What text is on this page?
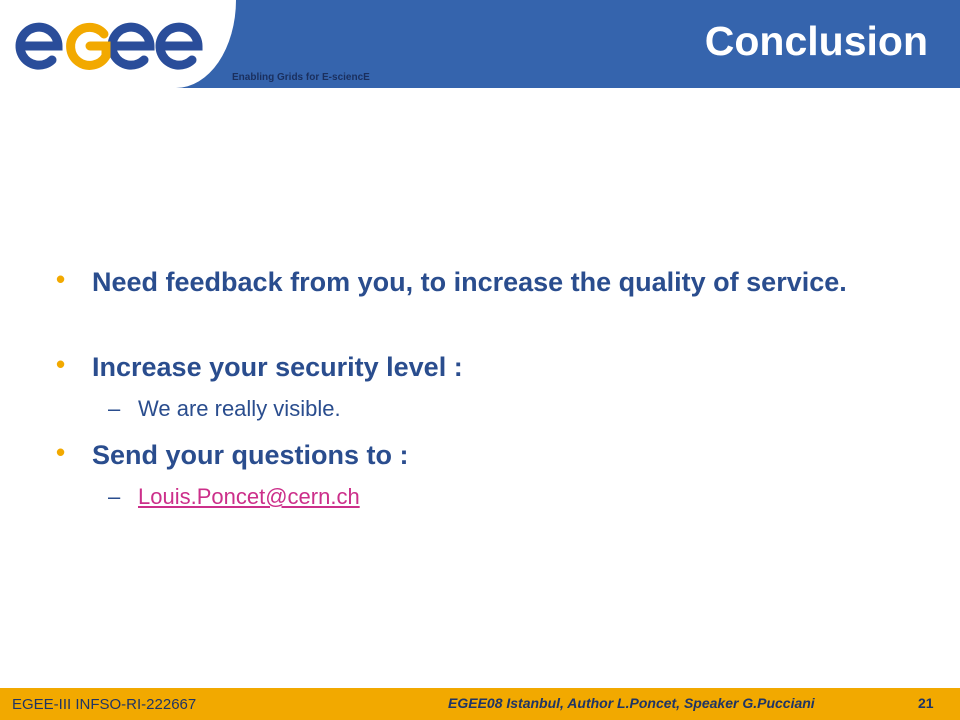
Enabling Grids for E-sciencE
Conclusion
• Need feedback from you, to increase the quality of service.
• Increase your security level :
– We are really visible.
• Send your questions to :
– Louis.Poncet@cern.ch
EGEE-III INFSO-RI-222667	EGEE08 Istanbul, Author L.Poncet, Speaker G.Pucciani	21
